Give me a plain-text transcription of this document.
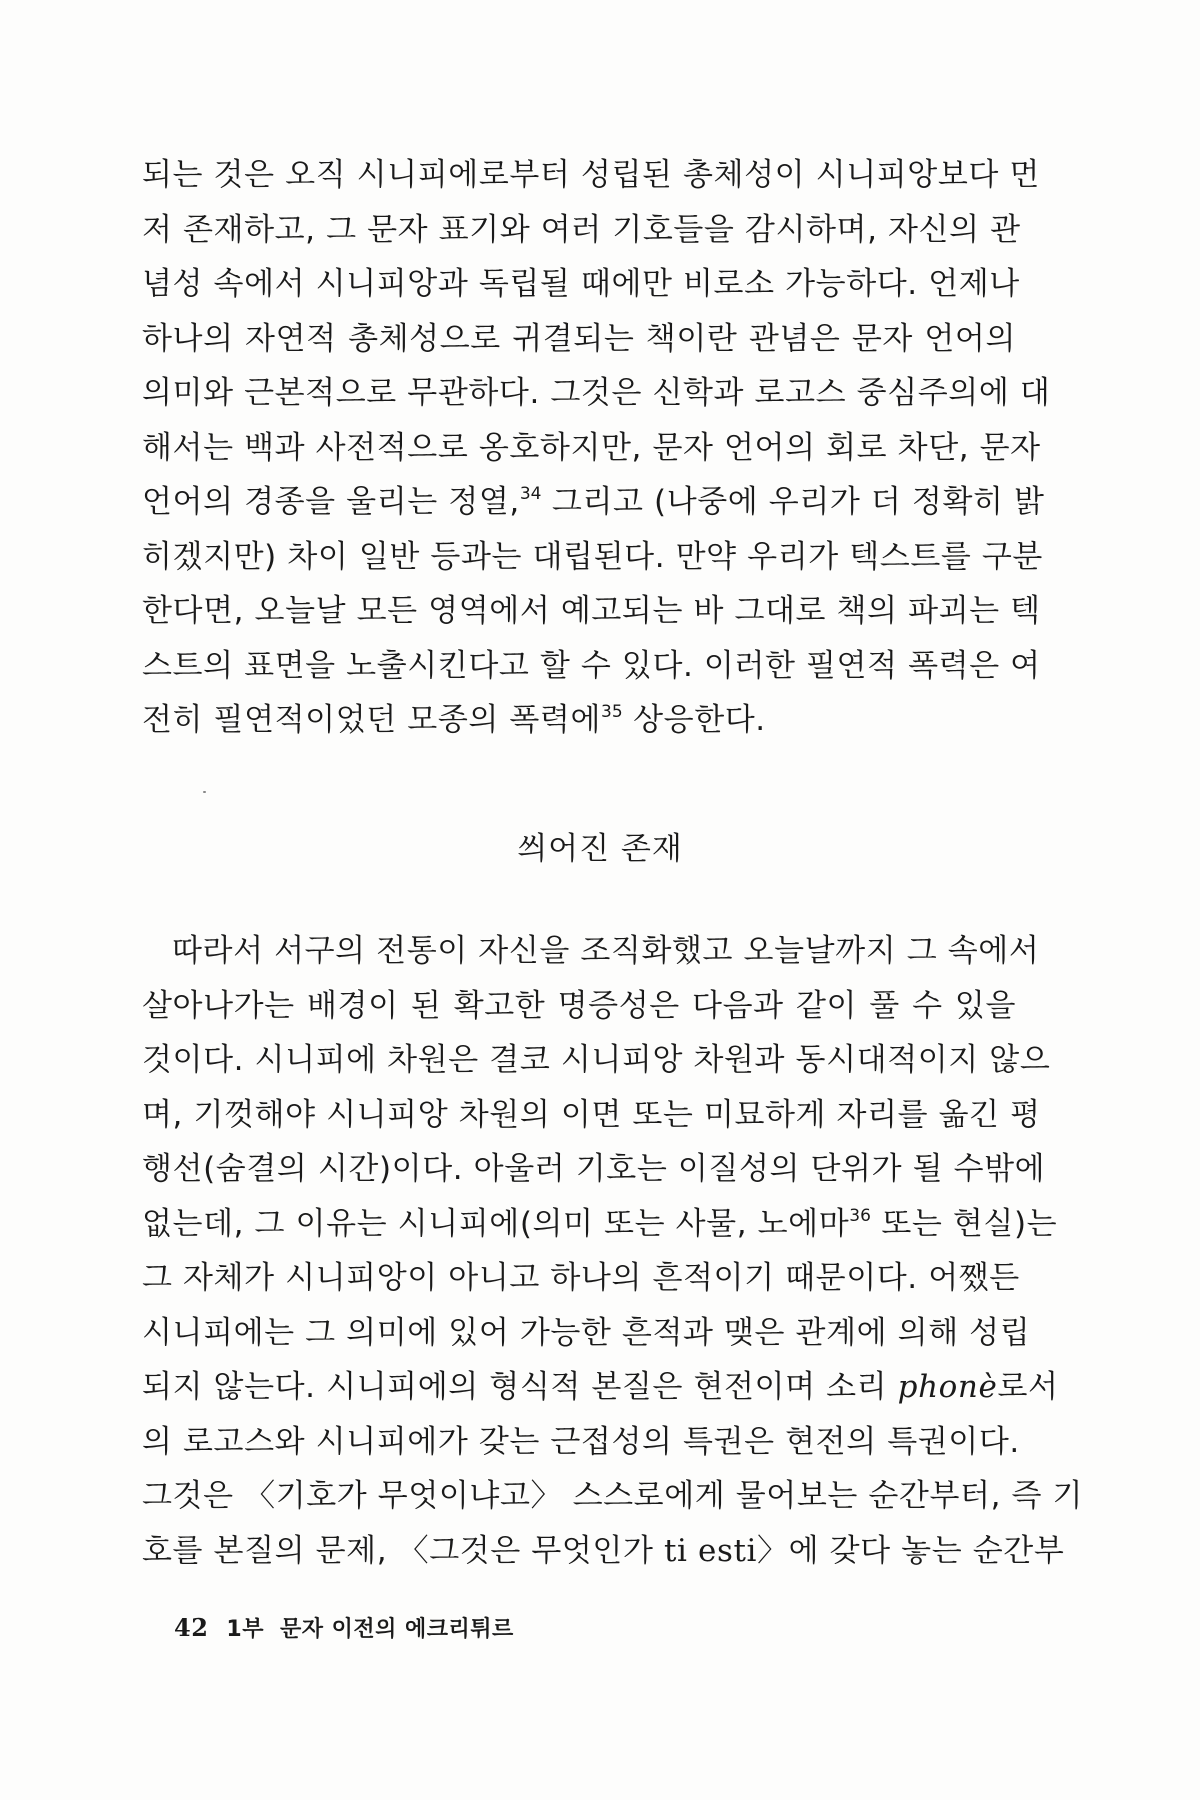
되는 것은 오직 시니피에로부터 성립된 총체성이 시니피앙보다 먼
저 존재하고, 그 문자 표기와 여러 기호들을 감시하며, 자신의 관
념성 속에서 시니피앙과 독립될 때에만 비로소 가능하다. 언제나
하나의 자연적 총체성으로 귀결되는 책이란 관념은 문자 언어의
의미와 근본적으로 무관하다. 그것은 신학과 로고스 중심주의에 대
해서는 백과 사전적으로 옹호하지만, 문자 언어의 회로 차단, 문자
언어의 경종을 울리는 정열,$^{34}$ 그리고 (나중에 우리가 더 정확히 밝
히겠지만) 차이 일반 등과는 대립된다. 만약 우리가 텍스트를 구분
한다면, 오늘날 모든 영역에서 예고되는 바 그대로 책의 파괴는 텍
스트의 표면을 노출시킨다고 할 수 있다. 이러한 필연적 폭력은 여
전히 필연적이었던 모종의 폭력에$^{35}$ 상응한다.
씌어진 존재
따라서 서구의 전통이 자신을 조직화했고 오늘날까지 그 속에서
살아나가는 배경이 된 확고한 명증성은 다음과 같이 풀 수 있을
것이다. 시니피에 차원은 결코 시니피앙 차원과 동시대적이지 않으
며, 기껏해야 시니피앙 차원의 이면 또는 미묘하게 자리를 옮긴 평
행선(숨결의 시간)이다. 아울러 기호는 이질성의 단위가 될 수밖에
없는데, 그 이유는 시니피에(의미 또는 사물, 노에마$^{36}$ 또는 현실)는
그 자체가 시니피앙이 아니고 하나의 흔적이기 때문이다. 어쨌든
시니피에는 그 의미에 있어 가능한 흔적과 맺은 관계에 의해 성립
되지 않는다. 시니피에의 형식적 본질은 현전이며 소리 phonè로서
의 로고스와 시니피에가 갖는 근접성의 특권은 현전의 특권이다.
그것은 〈기호가 무엇이냐고〉 스스로에게 물어보는 순간부터, 즉 기
호를 본질의 문제, 〈그것은 무엇인가 ti esti〉에 갖다 놓는 순간부
42 1부 문자 이전의 에크리튀르
